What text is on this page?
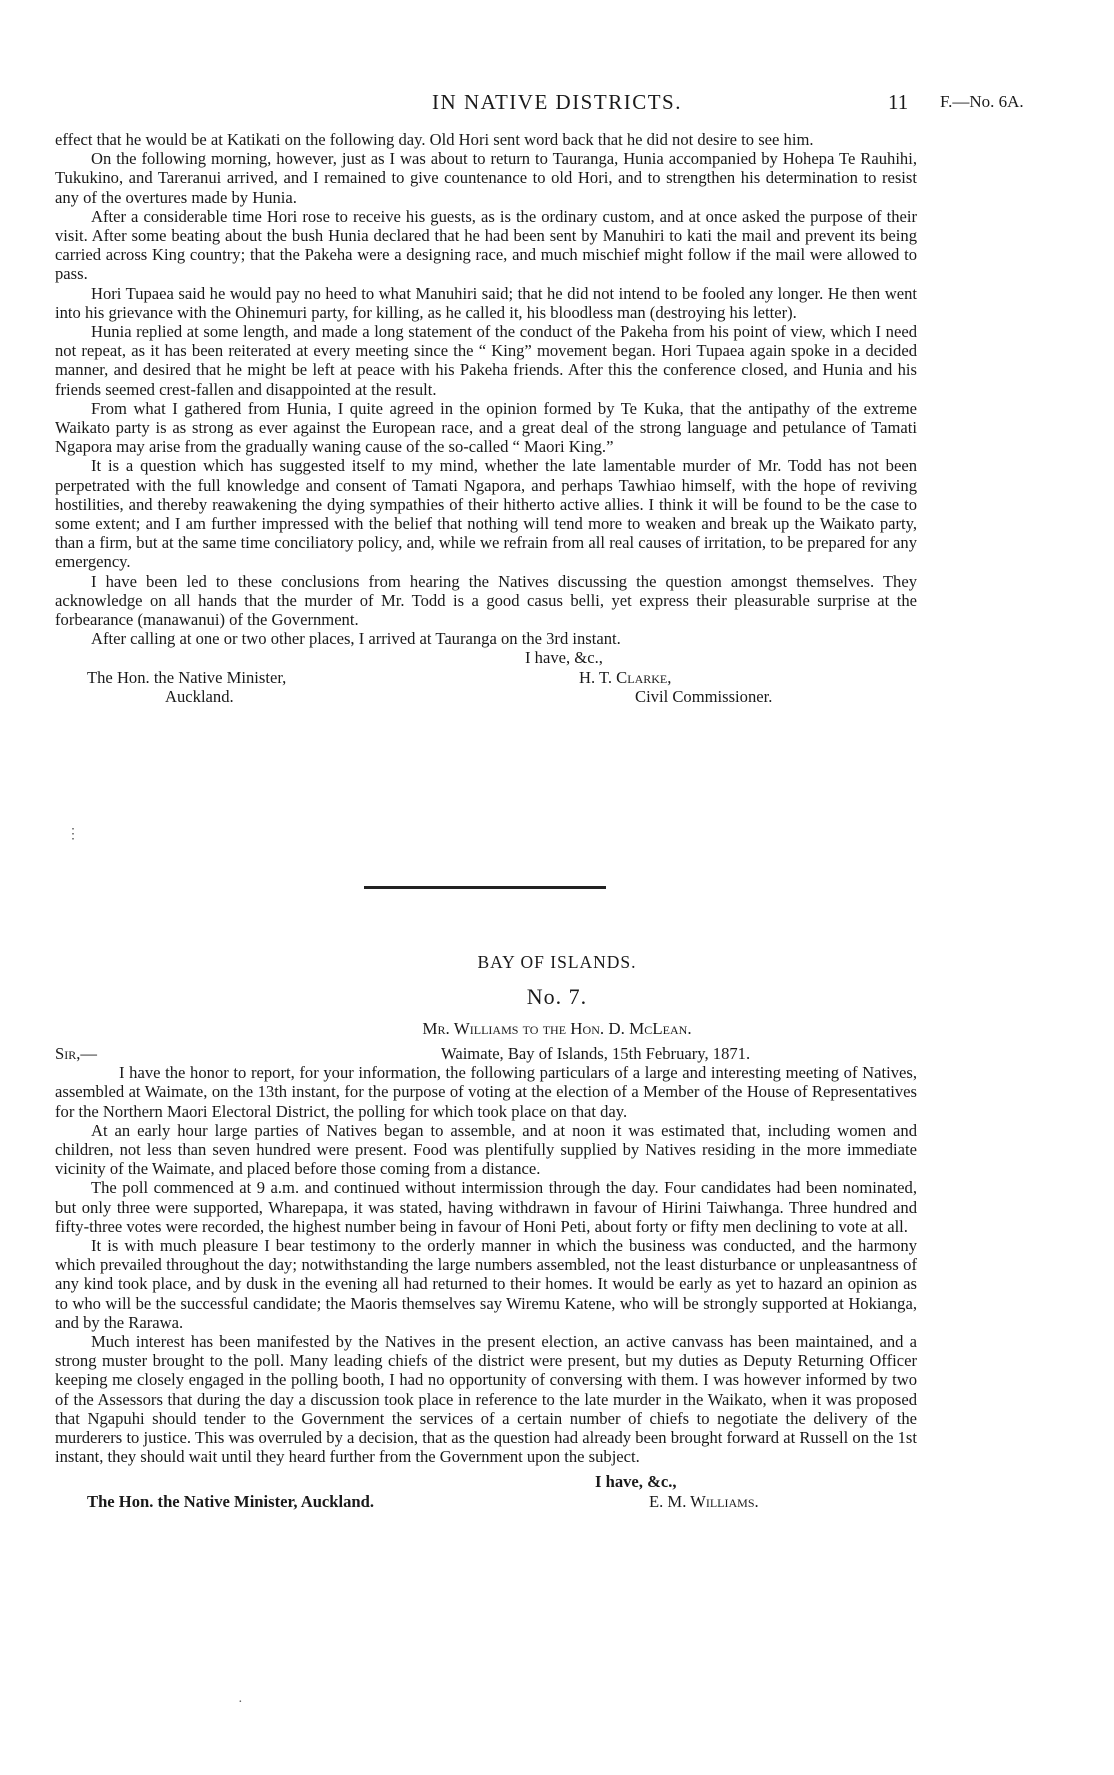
IN NATIVE DISTRICTS.	11 F.—No. 6A.

effect that he would be at Katikati on the following day. Old Hori sent word back that he did not desire to see him.

On the following morning, however, just as I was about to return to Tauranga, Hunia accompanied by Hohepa Te Rauhihi, Tukukino, and Tareranui arrived, and I remained to give countenance to old Hori, and to strengthen his determination to resist any of the overtures made by Hunia.

After a considerable time Hori rose to receive his guests, as is the ordinary custom, and at once asked the purpose of their visit. After some beating about the bush Hunia declared that he had been sent by Manuhiri to kati the mail and prevent its being carried across King country; that the Pakeha were a designing race, and much mischief might follow if the mail were allowed to pass.

Hori Tupaea said he would pay no heed to what Manuhiri said; that he did not intend to be fooled any longer. He then went into his grievance with the Ohinemuri party, for killing, as he called it, his bloodless man (destroying his letter).

Hunia replied at some length, and made a long statement of the conduct of the Pakeha from his point of view, which I need not repeat, as it has been reiterated at every meeting since the “ King” movement began. Hori Tupaea again spoke in a decided manner, and desired that he might be left at peace with his Pakeha friends. After this the conference closed, and Hunia and his friends seemed crest-fallen and disappointed at the result.

From what I gathered from Hunia, I quite agreed in the opinion formed by Te Kuka, that the antipathy of the extreme Waikato party is as strong as ever against the European race, and a great deal of the strong language and petulance of Tamati Ngapora may arise from the gradually waning cause of the so-called “ Maori King.”

It is a question which has suggested itself to my mind, whether the late lamentable murder of Mr. Todd has not been perpetrated with the full knowledge and consent of Tamati Ngapora, and perhaps Tawhiao himself, with the hope of reviving hostilities, and thereby reawakening the dying sympathies of their hitherto active allies. I think it will be found to be the case to some extent; and I am further impressed with the belief that nothing will tend more to weaken and break up the Waikato party, than a firm, but at the same time conciliatory policy, and, while we refrain from all real causes of irritation, to be prepared for any emergency.

I have been led to these conclusions from hearing the Natives discussing the question amongst themselves. They acknowledge on all hands that the murder of Mr. Todd is a good casus belli, yet express their pleasurable surprise at the forbearance (manawanui) of the Government.

After calling at one or two other places, I arrived at Tauranga on the 3rd instant.

I have, &c.,
The Hon. the Native Minister,	H. T. Clarke,
Auckland.	Civil Commissioner.
⋮
BAY OF ISLANDS.
No. 7.
Mr. Williams to the Hon. D. McLean.
Sir,—	Waimate, Bay of Islands, 15th February, 1871.

I have the honor to report, for your information, the following particulars of a large and interesting meeting of Natives, assembled at Waimate, on the 13th instant, for the purpose of voting at the election of a Member of the House of Representatives for the Northern Maori Electoral District, the polling for which took place on that day.

At an early hour large parties of Natives began to assemble, and at noon it was estimated that, including women and children, not less than seven hundred were present. Food was plentifully supplied by Natives residing in the more immediate vicinity of the Waimate, and placed before those coming from a distance.

The poll commenced at 9 a.m. and continued without intermission through the day. Four candidates had been nominated, but only three were supported, Wharepapa, it was stated, having withdrawn in favour of Hirini Taiwhanga. Three hundred and fifty-three votes were recorded, the highest number being in favour of Honi Peti, about forty or fifty men declining to vote at all.

It is with much pleasure I bear testimony to the orderly manner in which the business was conducted, and the harmony which prevailed throughout the day; notwithstanding the large numbers assembled, not the least disturbance or unpleasantness of any kind took place, and by dusk in the evening all had returned to their homes. It would be early as yet to hazard an opinion as to who will be the successful candidate; the Maoris themselves say Wiremu Katene, who will be strongly supported at Hokianga, and by the Rarawa.

Much interest has been manifested by the Natives in the present election, an active canvass has been maintained, and a strong muster brought to the poll. Many leading chiefs of the district were present, but my duties as Deputy Returning Officer keeping me closely engaged in the polling booth, I had no opportunity of conversing with them. I was however informed by two of the Assessors that during the day a discussion took place in reference to the late murder in the Waikato, when it was proposed that Ngapuhi should tender to the Government the services of a certain number of chiefs to negotiate the delivery of the murderers to justice. This was overruled by a decision, that as the question had already been brought forward at Russell on the 1st instant, they should wait until they heard further from the Government upon the subject.

I have, &c.,
The Hon. the Native Minister, Auckland.	E. M. Williams.
·
